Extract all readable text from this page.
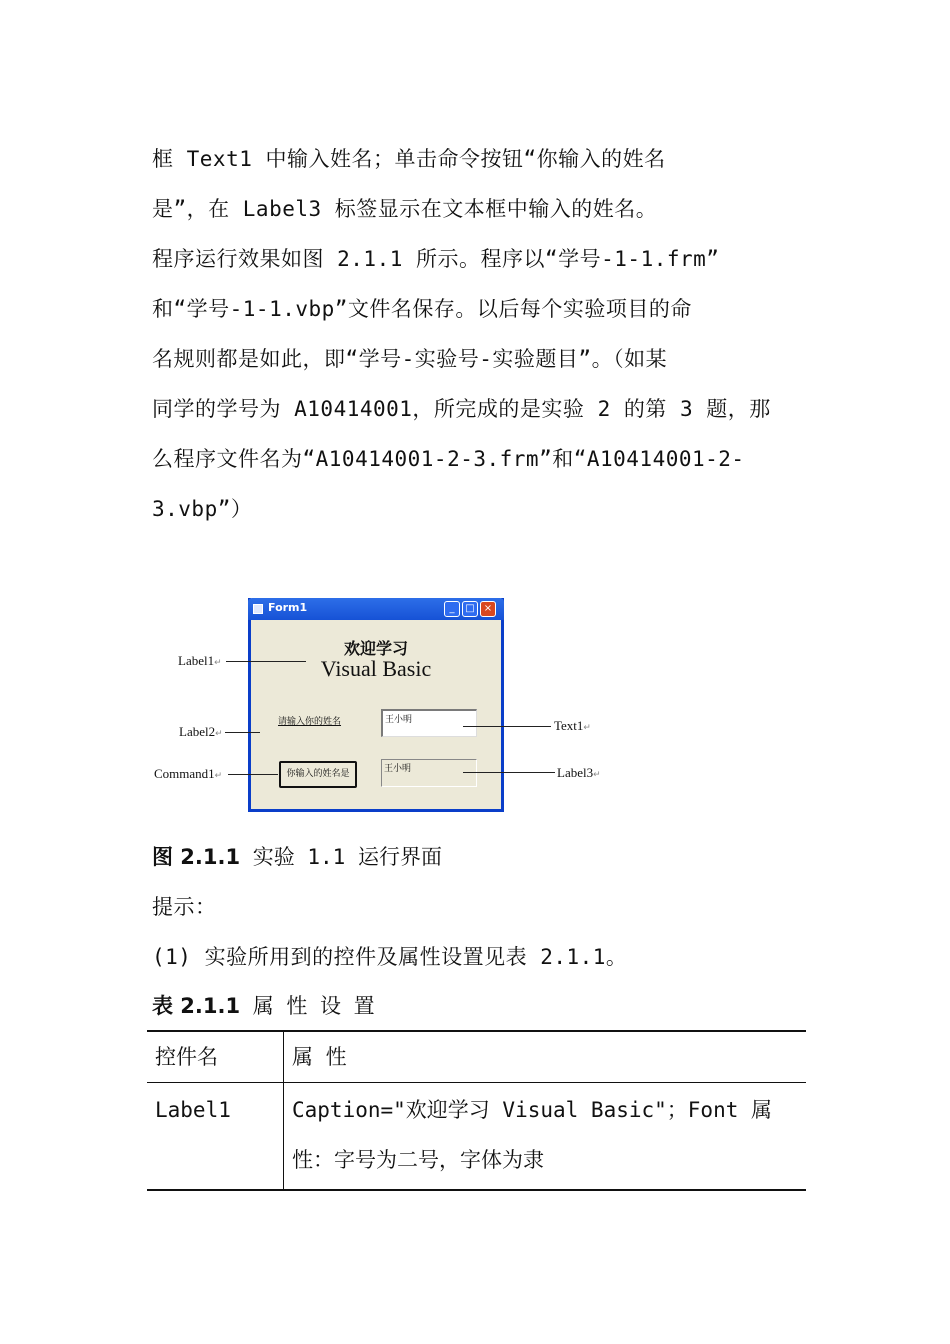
框 Text1 中输入姓名；单击命令按钮“你输入的姓名
是”，在 Label3 标签显示在文本框中输入的姓名。
程序运行效果如图 2.1.1 所示。程序以“学号-1-1.frm”
和“学号-1-1.vbp”文件名保存。以后每个实验项目的命
名规则都是如此，即“学号-实验号-实验题目”。（如某
同学的学号为 A10414001，所完成的是实验 2 的第 3 题，那
么程序文件名为“A10414001-2-3.frm”和“A10414001-2-
3.vbp”）
Form1	_	□ ×
欢迎学习
Visual Basic
请输入你的姓名	王小明
你输入的姓名是	王小明
Label1↵
Label2↵
Command1↵
Text1↵
Label3↵
图 2.1.1 实验 1.1 运行界面
提示：
(1) 实验所用到的控件及属性设置见表 2.1.1。
表 2.1.1 属 性 设 置
控件名	属 性
Label1	Caption="欢迎学习 Visual Basic"；Font 属
性：字号为二号，字体为隶
